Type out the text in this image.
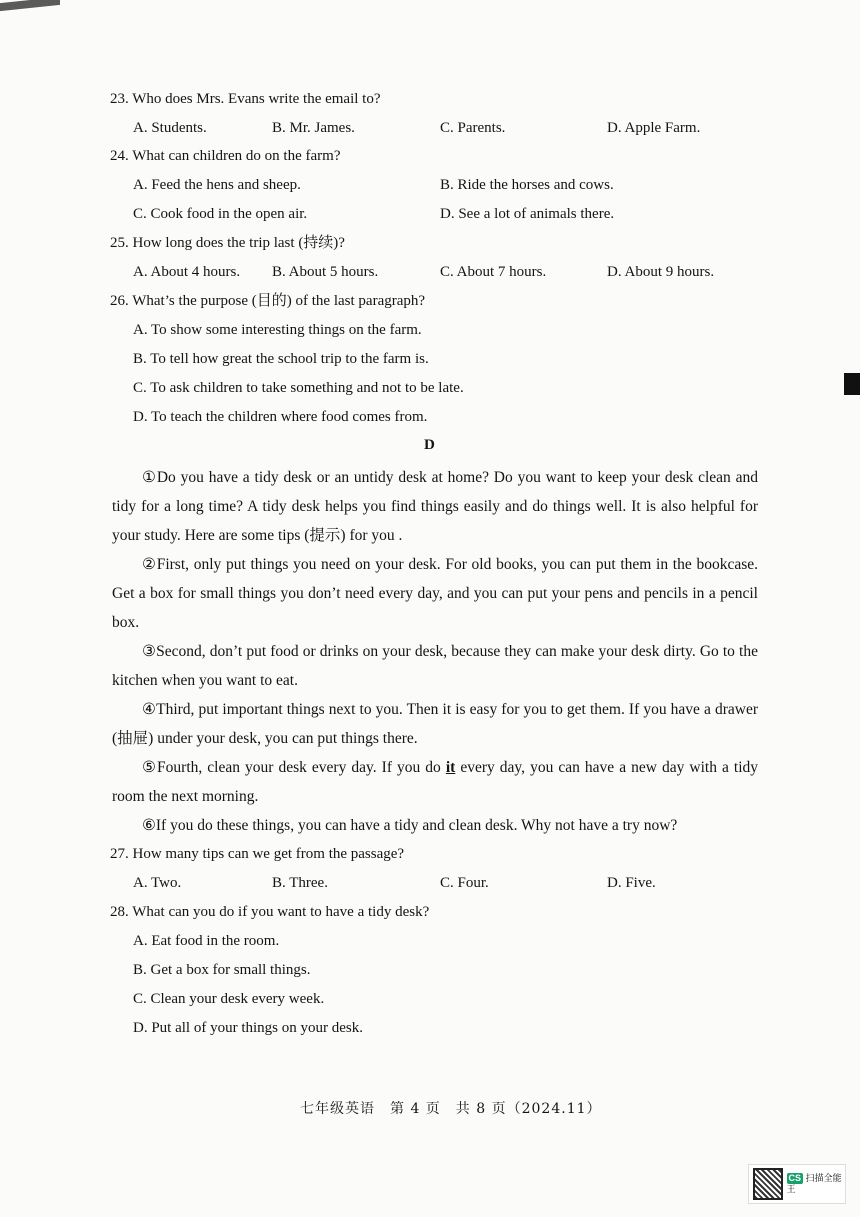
23. Who does Mrs. Evans write the email to?
A. Students.	B. Mr. James.	C. Parents.	D. Apple Farm.
24. What can children do on the farm?
A. Feed the hens and sheep.	B. Ride the horses and cows.
C. Cook food in the open air.	D. See a lot of animals there.
25. How long does the trip last (持续)?
A. About 4 hours. B. About 5 hours.	C. About 7 hours.	D. About 9 hours.
26. What’s the purpose (目的) of the last paragraph?
A. To show some interesting things on the farm.
B. To tell how great the school trip to the farm is.
C. To ask children to take something and not to be late.
D. To teach the children where food comes from.
D
①Do you have a tidy desk or an untidy desk at home? Do you want to keep your desk clean and tidy for a long time? A tidy desk helps you find things easily and do things well. It is also helpful for your study. Here are some tips (提示) for you .
②First, only put things you need on your desk. For old books, you can put them in the bookcase. Get a box for small things you don’t need every day, and you can put your pens and pencils in a pencil box.
③Second, don’t put food or drinks on your desk, because they can make your desk dirty. Go to the kitchen when you want to eat.
④Third, put important things next to you. Then it is easy for you to get them. If you have a drawer (抽屉) under your desk, you can put things there.
⑤Fourth, clean your desk every day. If you do it every day, you can have a new day with a tidy room the next morning.
⑥If you do these things, you can have a tidy and clean desk. Why not have a try now?
27. How many tips can we get from the passage?
A. Two.	B. Three.	C. Four.	D. Five.
28. What can you do if you want to have a tidy desk?
A. Eat food in the room.
B. Get a box for small things.
C. Clean your desk every week.
D. Put all of your things on your desk.
七年级英语　第 4 页　共 8 页（2024.11）
CS 扫描全能王
